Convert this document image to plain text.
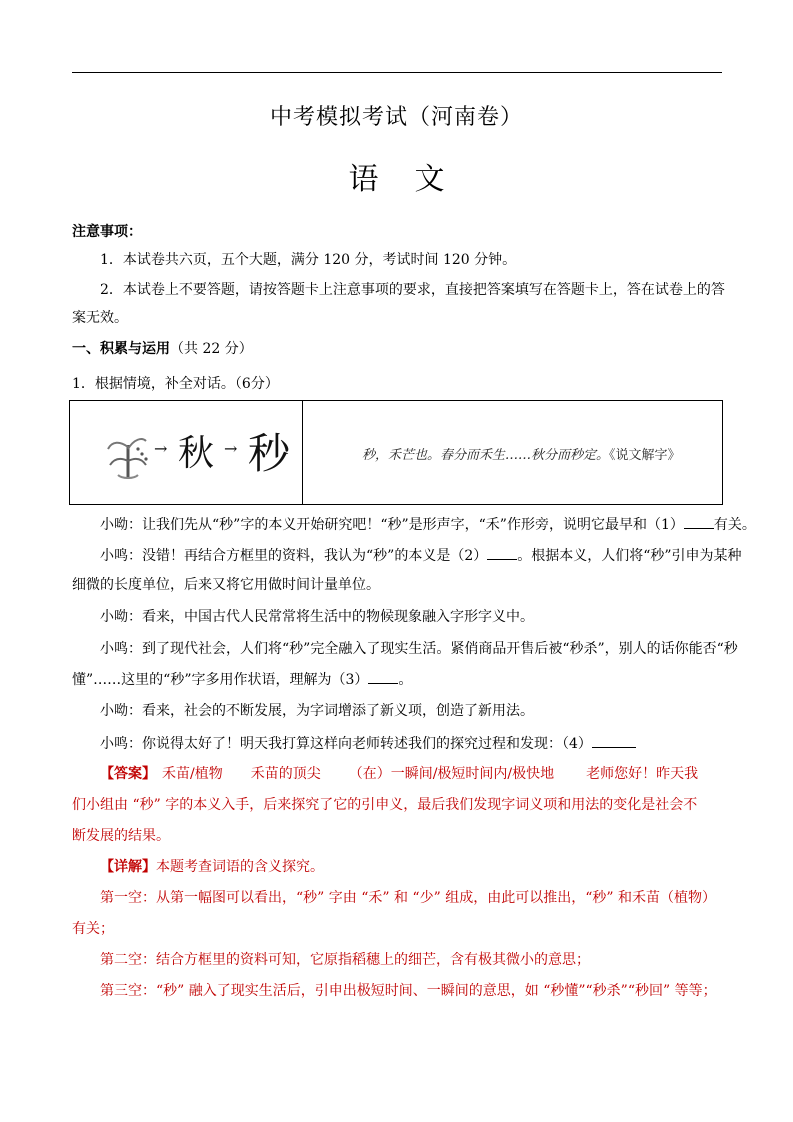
中考模拟考试（河南卷）
语 文
注意事项：
1．本试卷共六页，五个大题，满分 120 分，考试时间 120 分钟。
2．本试卷上不要答题，请按答题卡上注意事项的要求，直接把答案填写在答题卡上，答在试卷上的答
案无效。
一、积累与运用（共 22 分）
1．根据情境，补全对话。（6分）
→ 秋 → 秒	秒，禾芒也。春分而禾生……秋分而秒定。《说文解字》
小呦：让我们先从“秒”字的本义开始研究吧！“秒”是形声字，“禾”作形旁，说明它最早和（1） 有关。
小鸣：没错！再结合方框里的资料，我认为“秒”的本义是（2） 。根据本义，人们将“秒”引申为某种
细微的长度单位，后来又将它用做时间计量单位。
小呦：看来，中国古代人民常常将生活中的物候现象融入字形字义中。
小鸣：到了现代社会，人们将“秒”完全融入了现实生活。紧俏商品开售后被“秒杀”，别人的话你能否“秒
懂”……这里的“秒”字多用作状语，理解为（3） 。
小呦：看来，社会的不断发展，为字词增添了新义项，创造了新用法。
小鸣：你说得太好了！明天我打算这样向老师转述我们的探究过程和发现：（4）
【答案】 禾苗/植物 禾苗的顶尖 （在）一瞬间/极短时间内/极快地 老师您好！昨天我
们小组由 “秒” 字的本义入手，后来探究了它的引申义，最后我们发现字词义项和用法的变化是社会不
断发展的结果。
【详解】本题考查词语的含义探究。
第一空：从第一幅图可以看出，“秒” 字由 “禾” 和 “少” 组成，由此可以推出，“秒” 和禾苗（植物）
有关；
第二空：结合方框里的资料可知，它原指稻穗上的细芒，含有极其微小的意思；
第三空：“秒” 融入了现实生活后，引申出极短时间、一瞬间的意思，如 “秒懂”“秒杀”“秒回” 等等；
